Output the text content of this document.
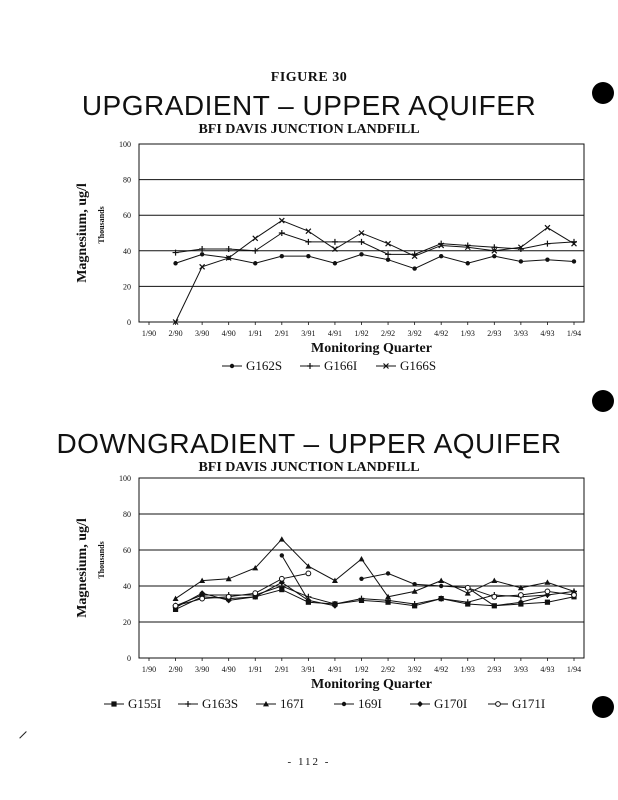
FIGURE 30
UPGRADIENT – UPPER AQUIFER
BFI DAVIS JUNCTION LANDFILL
0
20
40
60
80
100
1/90 2/90 3/90 4/90 1/91 2/91 3/91 4/91 1/92 2/92 3/92 4/92 1/93 2/93 3/93 4/93 1/94
Monitoring Quarter
Magnesium, ug/l Thousands
G162S	G166I	G166S
DOWNGRADIENT – UPPER AQUIFER
BFI DAVIS JUNCTION LANDFILL
0
20
40
60
80
100
1/90 2/90 3/90 4/90 1/91 2/91 3/91 4/91 1/92 2/92 3/92 4/92 1/93 2/93 3/93 4/93 1/94
Monitoring Quarter
Magnesium, ug/l Thousands
G155I	G163S	167I	169I	G170I	G171I
⸝
- 112 -
